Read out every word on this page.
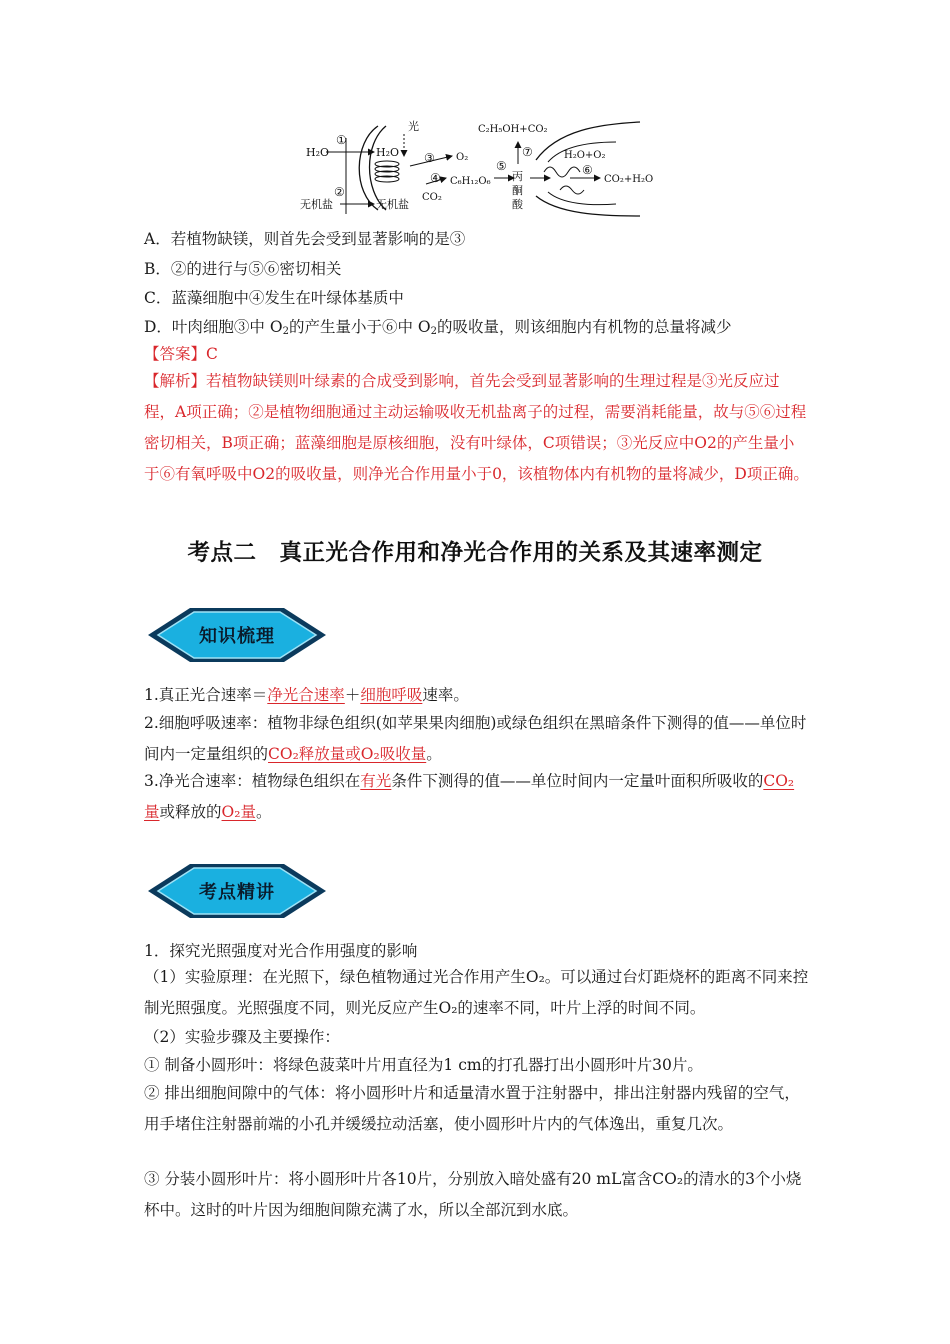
H₂O
①
光
H₂O
②
无机盐	无机盐
③ O₂
④
CO₂
C₆H₁₂O₆
⑤
⑦
C₂H₅OH+CO₂
丙
酮
酸
H₂O+O₂
⑥
CO₂+H₂O
A．若植物缺镁，则首先会受到显著影响的是③
B．②的进行与⑤⑥密切相关
C．蓝藻细胞中④发生在叶绿体基质中
D．叶肉细胞③中 $O_2$的产生量小于⑥中 $O_2$的吸收量，则该细胞内有机物的总量将减少
【答案】C

【解析】若植物缺镁则叶绿素的合成受到影响，首先会受到显著影响的生理过程是③光反应过程，A项正确；②是植物细胞通过主动运输吸收无机盐离子的过程，需要消耗能量，故与⑤⑥过程密切相关，B项正确；蓝藻细胞是原核细胞，没有叶绿体，C项错误；③光反应中O2的产生量小于⑥有氧呼吸中O2的吸收量，则净光合作用量小于0，该植物体内有机物的量将减少，D项正确。

考点二　真正光合作用和净光合作用的关系及其速率测定
知识梳理
1.真正光合速率＝净光合速率＋细胞呼吸速率。

2.细胞呼吸速率：植物非绿色组织(如苹果果肉细胞)或绿色组织在黑暗条件下测得的值——单位时间内一定量组织的CO₂释放量或O₂吸收量。

3.净光合速率：植物绿色组织在有光条件下测得的值——单位时间内一定量叶面积所吸收的CO₂量或释放的O₂量。

考点精讲
1．探究光照强度对光合作用强度的影响

（1）实验原理：在光照下，绿色植物通过光合作用产生O₂。可以通过台灯距烧杯的距离不同来控制光照强度。光照强度不同，则光反应产生O₂的速率不同，叶片上浮的时间不同。

（2）实验步骤及主要操作：
① 制备小圆形叶：将绿色菠菜叶片用直径为1 cm的打孔器打出小圆形叶片30片。

② 排出细胞间隙中的气体：将小圆形叶片和适量清水置于注射器中，排出注射器内残留的空气，用手堵住注射器前端的小孔并缓缓拉动活塞，使小圆形叶片内的气体逸出，重复几次。

③ 分装小圆形叶片：将小圆形叶片各10片，分别放入暗处盛有20 mL富含CO₂的清水的3个小烧杯中。这时的叶片因为细胞间隙充满了水，所以全部沉到水底。
